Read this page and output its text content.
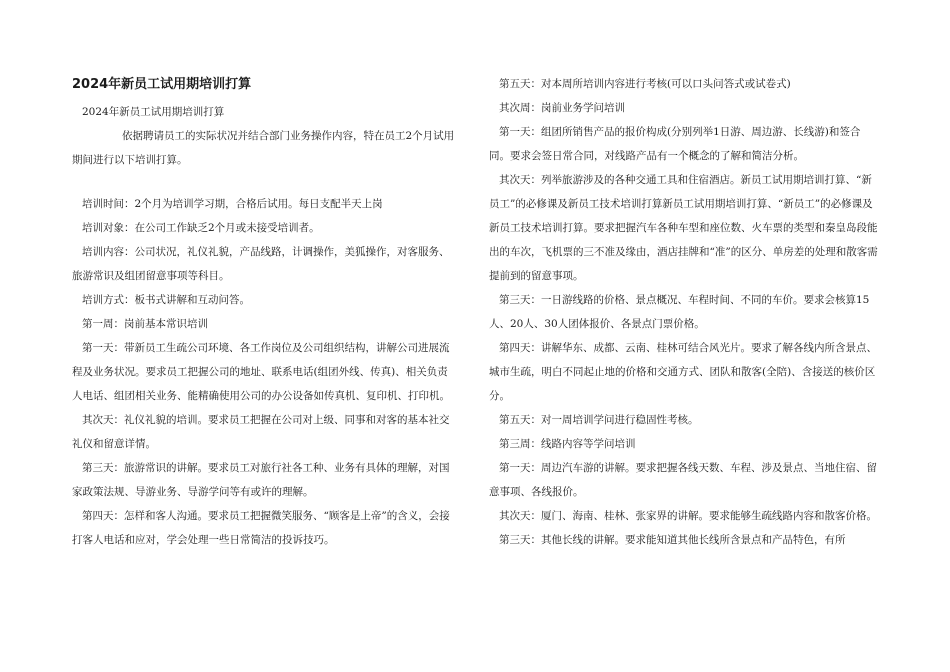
2024年新员工试用期培训打算

2024年新员工试用期培训打算

依据聘请员工的实际状况并结合部门业务操作内容，特在员工2个月试用期间进行以下培训打算。

培训时间：2个月为培训学习期，合格后试用。每日支配半天上岗

培训对象：在公司工作缺乏2个月或未接受培训者。

培训内容：公司状况，礼仪礼貌，产品线路，计调操作，美狐操作，对客服务、旅游常识及组团留意事项等科目。

培训方式：板书式讲解和互动问答。

第一周：岗前基本常识培训

第一天：带新员工生疏公司环境、各工作岗位及公司组织结构，讲解公司进展流程及业务状况。要求员工把握公司的地址、联系电话(组团外线、传真)、相关负责人电话、组团相关业务、能精确使用公司的办公设备如传真机、复印机、打印机。

其次天：礼仪礼貌的培训。要求员工把握在公司对上级、同事和对客的基本社交礼仪和留意详情。

第三天：旅游常识的讲解。要求员工对旅行社各工种、业务有具体的理解，对国家政策法规、导游业务、导游学问等有或许的理解。

第四天：怎样和客人沟通。要求员工把握微笑服务、“顾客是上帝”的含义，会接打客人电话和应对，学会处理一些日常简洁的投诉技巧。

第五天：对本周所培训内容进行考核(可以口头问答式或试卷式)

其次周：岗前业务学问培训

第一天：组团所销售产品的报价构成(分别列举1日游、周边游、长线游)和签合同。要求会签日常合同，对线路产品有一个概念的了解和简洁分析。

其次天：列举旅游涉及的各种交通工具和住宿酒店。新员工试用期培训打算、“新员工”的必修课及新员工技术培训打算新员工试用期培训打算、“新员工”的必修课及新员工技术培训打算。要求把握汽车各种车型和座位数、火车票的类型和秦皇岛段能出的车次，飞机票的三不准及缘由，酒店挂牌和“准”的区分、单房差的处理和散客需提前到的留意事项。

第三天：一日游线路的价格、景点概况、车程时间、不同的车价。要求会核算15人、20人、30人团体报价、各景点门票价格。

第四天：讲解华东、成都、云南、桂林可结合风光片。要求了解各线内所含景点、城市生疏，明白不同起止地的价格和交通方式、团队和散客(全陪)、含接送的核价区分。

第五天：对一周培训学问进行稳固性考核。

第三周：线路内容等学问培训

第一天：周边汽车游的讲解。要求把握各线天数、车程、涉及景点、当地住宿、留意事项、各线报价。

其次天：厦门、海南、桂林、张家界的讲解。要求能够生疏线路内容和散客价格。

第三天：其他长线的讲解。要求能知道其他长线所含景点和产品特色，有所
